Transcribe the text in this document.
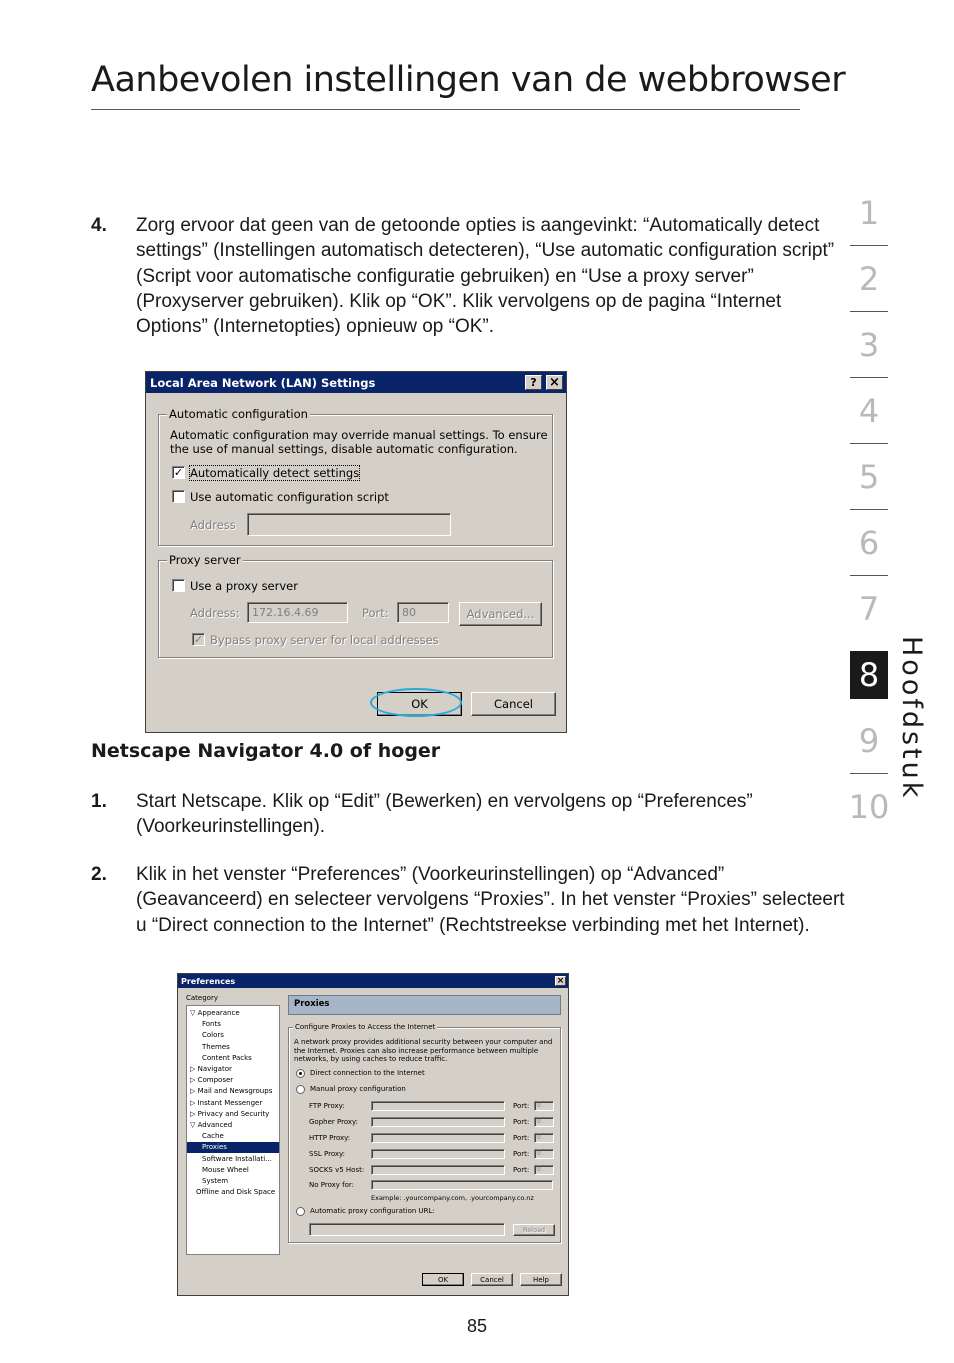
Aanbevolen instellingen van de webbrowser
4. Zorg ervoor dat geen van de getoonde opties is aangevinkt: “Automatically detect settings” (Instellingen automatisch detecteren), “Use automatic configuration script” (Script voor automatische configuratie gebruiken) en “Use a proxy server” (Proxyserver gebruiken). Klik op “OK”. Klik vervolgens op de pagina “Internet Options” (Internetopties) opnieuw op “OK”.
Local Area Network (LAN) Settings	? ×
Automatic configuration
Automatic configuration may override manual settings. To ensure the use of manual settings, disable automatic configuration.
✓ Automatically detect settings
Use automatic configuration script
Address
Proxy server
Use a proxy server
Address:	172.16.4.69	Port:	80	Advanced...
✓ Bypass proxy server for local addresses
OK	Cancel
Netscape Navigator 4.0 of hoger
1. Start Netscape. Klik op “Edit” (Bewerken) en vervolgens op “Preferences” (Voorkeurinstellingen).
2. Klik in het venster “Preferences” (Voorkeurinstellingen) op “Advanced” (Geavanceerd) en selecteer vervolgens “Proxies”. In het venster “Proxies” selecteert u “Direct connection to the Internet” (Rechtstreekse verbinding met het Internet).
Preferences	×
Category
▽ Appearance
Fonts
Colors
Themes
Content Packs
▷ Navigator
▷ Composer
▷ Mail and Newsgroups
▷ Instant Messenger
▷ Privacy and Security
▽ Advanced
Cache
Proxies
Software Installati...
Mouse Wheel
System
Offline and Disk Space
Proxies
Configure Proxies to Access the Internet
A network proxy provides additional security between your computer and the Internet. Proxies can also increase performance between multiple networks, by using caches to reduce traffic.
Direct connection to the Internet
Manual proxy configuration
FTP Proxy:	Port:	0
Gopher Proxy:	Port:	0
HTTP Proxy:	Port:	0
SSL Proxy:	Port:	0
SOCKS v5 Host:	Port:	0
No Proxy for:
Example: .yourcompany.com, .yourcompany.co.nz
Automatic proxy configuration URL:
Reload
OK	Cancel	Help
1
2
3
4
5
6
7
8
9
10
Hoofdstuk
85
